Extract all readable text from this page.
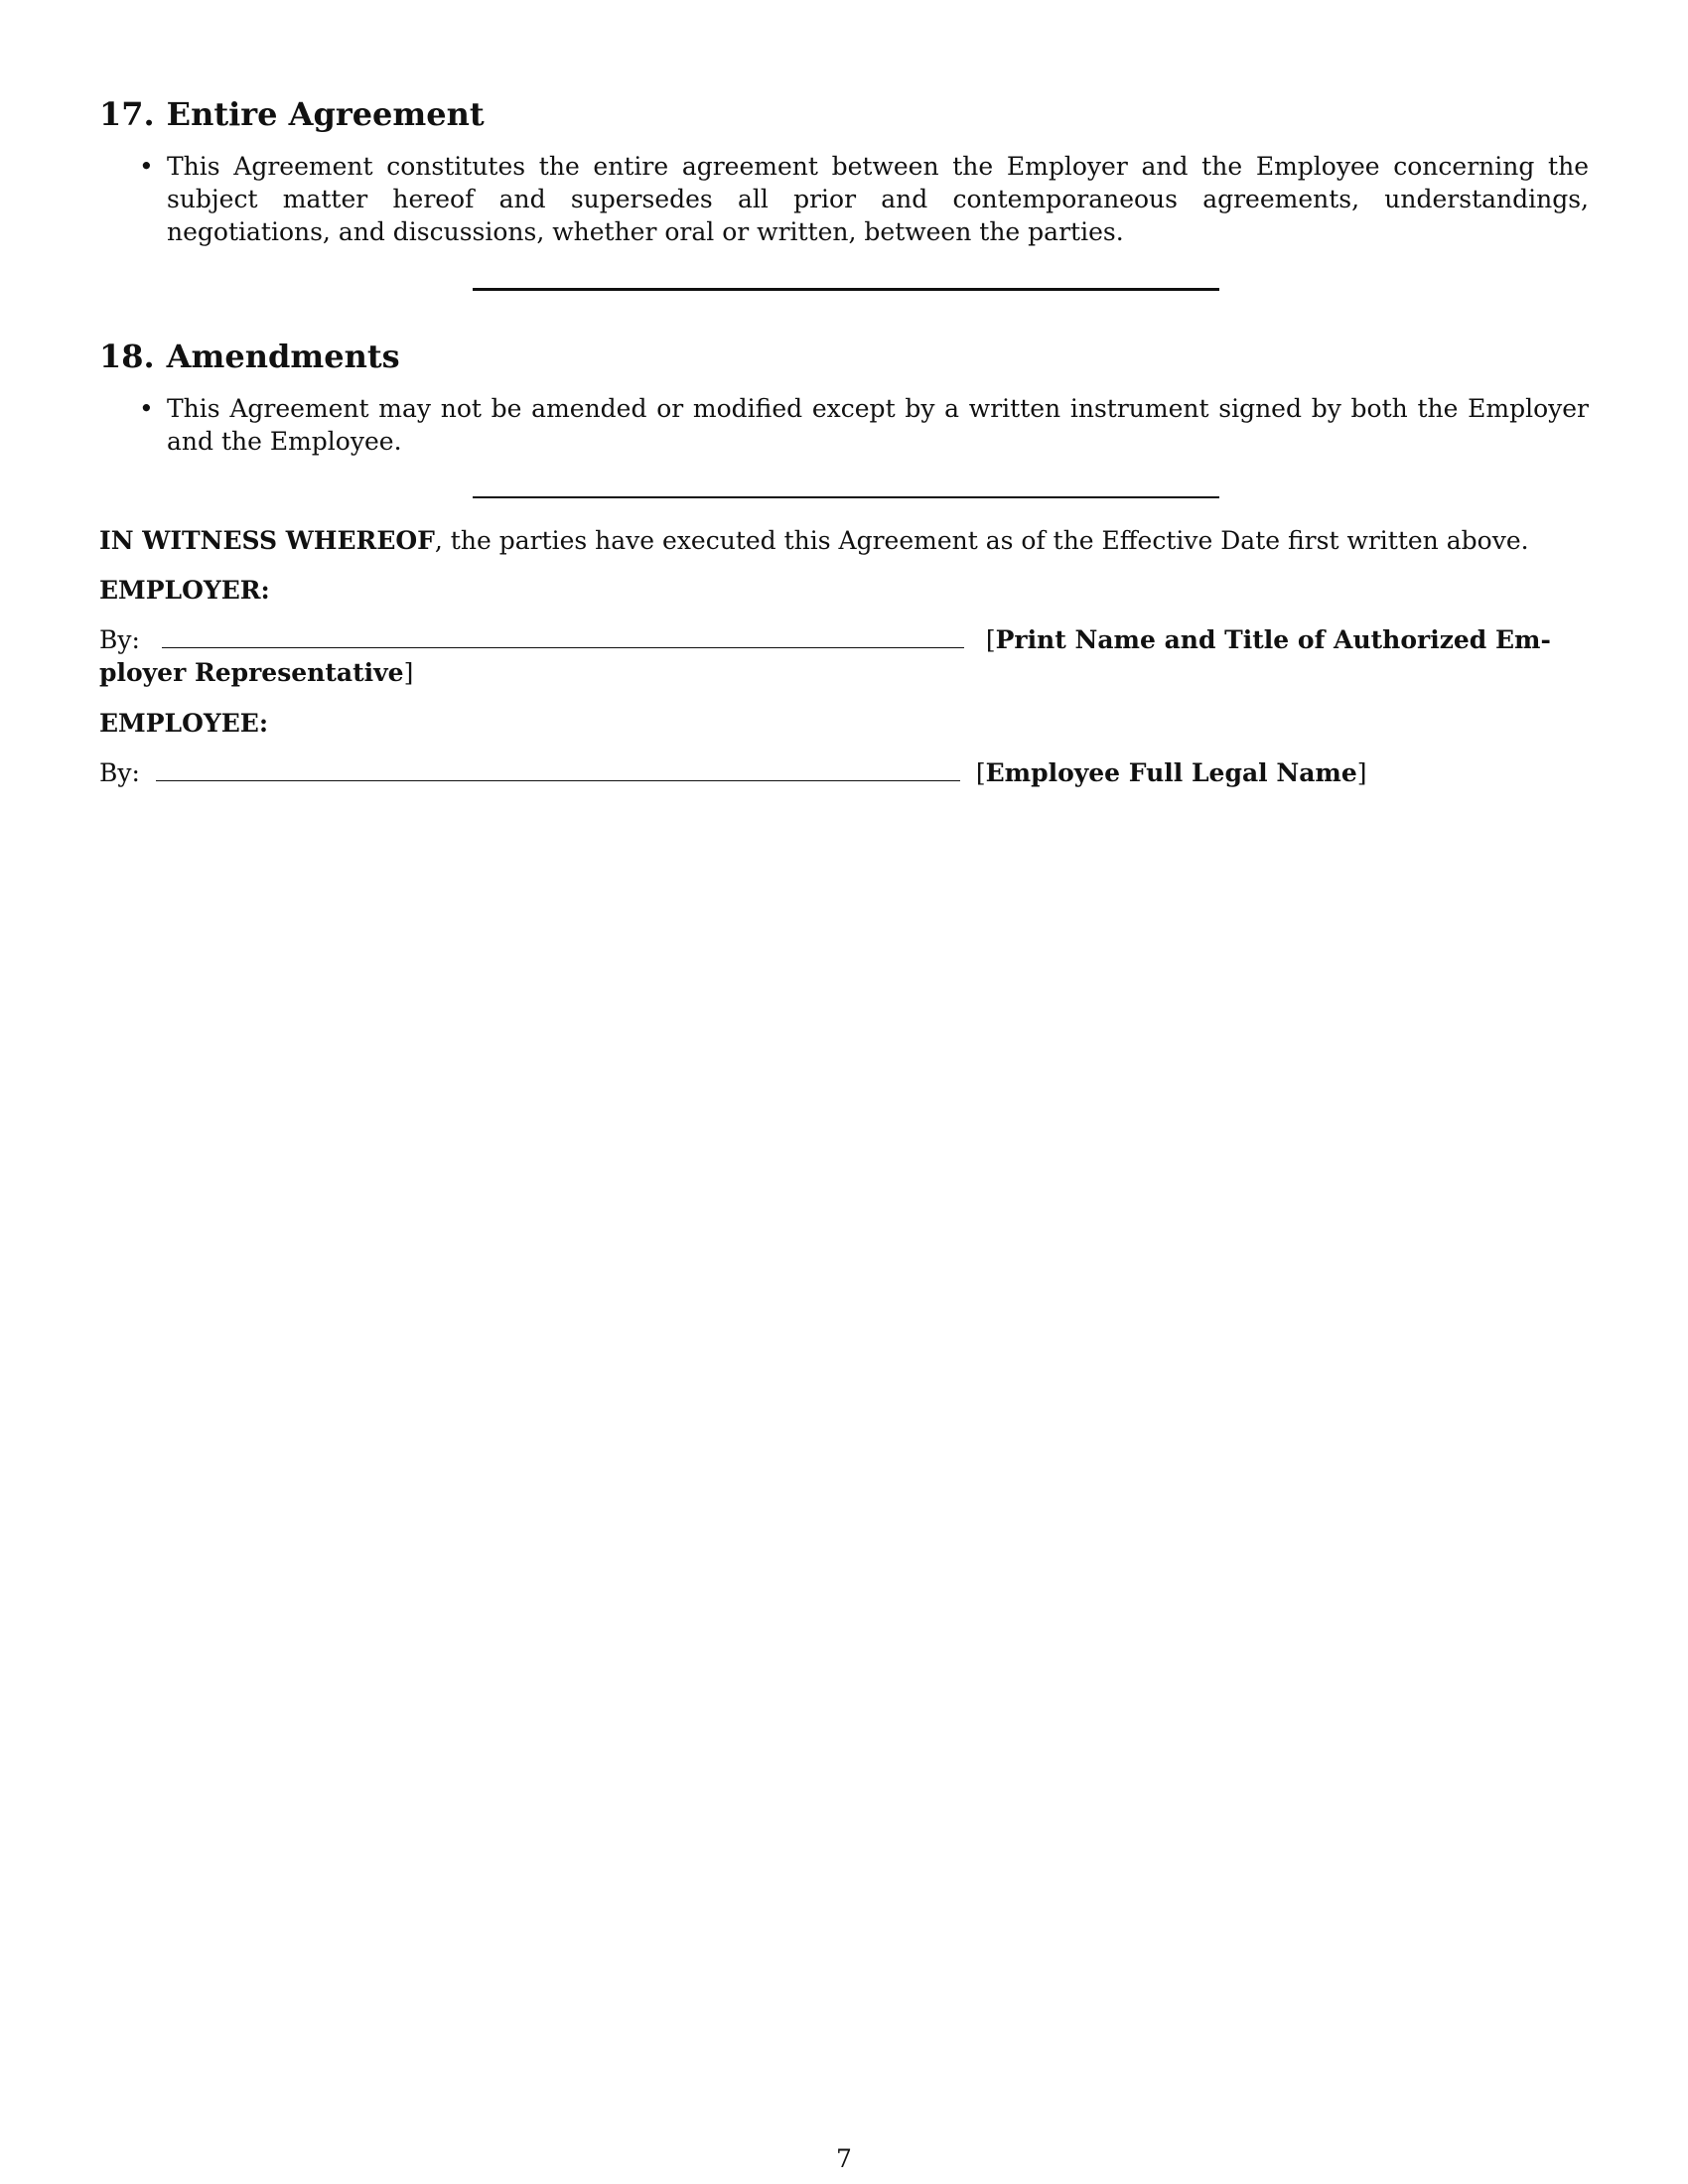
17. Entire Agreement
• This Agreement constitutes the entire agreement between the Employer and the Employee concerning the subject matter hereof and supersedes all prior and contemporaneous agreements, understandings, negotiations, and discussions, whether oral or written, between the parties.
18. Amendments
• This Agreement may not be amended or modified except by a written instrument signed by both the Employer and the Employee.
IN WITNESS WHEREOF, the parties have executed this Agreement as of the Effective Date first written above.
EMPLOYER:
By:	[Print Name and Title of Authorized Em-
ployer Representative]
EMPLOYEE:
By:	[Employee Full Legal Name]
7
